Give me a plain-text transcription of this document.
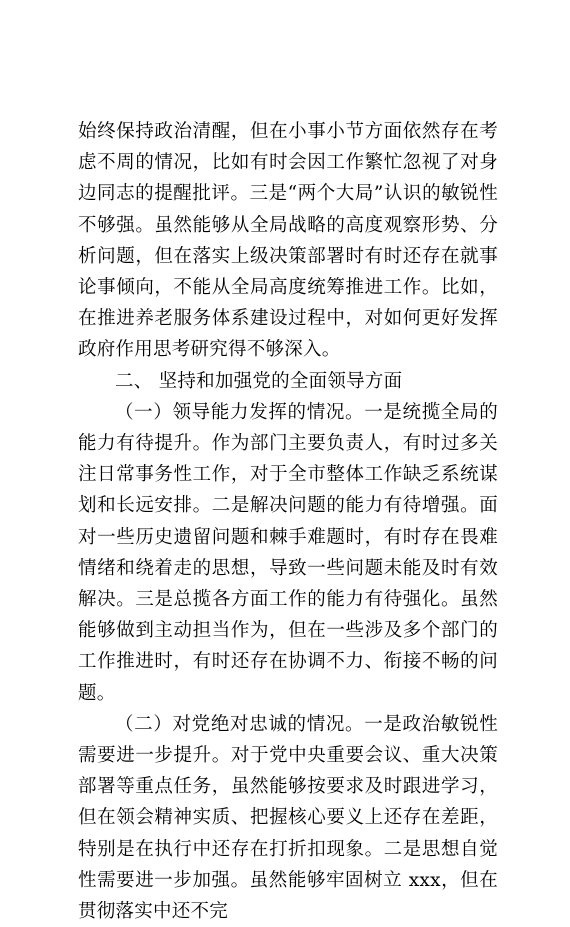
始终保持政治清醒，但在小事小节方面依然存在考虑不周的情况，比如有时会因工作繁忙忽视了对身边同志的提醒批评。三是“两个大局”认识的敏锐性不够强。虽然能够从全局战略的高度观察形势、分析问题，但在落实上级决策部署时有时还存在就事论事倾向，不能从全局高度统筹推进工作。比如，在推进养老服务体系建设过程中，对如何更好发挥政府作用思考研究得不够深入。

二、 坚持和加强党的全面领导方面

（一）领导能力发挥的情况。一是统揽全局的能力有待提升。作为部门主要负责人，有时过多关注日常事务性工作，对于全市整体工作缺乏系统谋划和长远安排。二是解决问题的能力有待增强。面对一些历史遗留问题和棘手难题时，有时存在畏难情绪和绕着走的思想，导致一些问题未能及时有效解决。三是总揽各方面工作的能力有待强化。虽然能够做到主动担当作为，但在一些涉及多个部门的工作推进时，有时还存在协调不力、衔接不畅的问题。

（二）对党绝对忠诚的情况。一是政治敏锐性需要进一步提升。对于党中央重要会议、重大决策部署等重点任务，虽然能够按要求及时跟进学习，但在领会精神实质、把握核心要义上还存在差距，特别是在执行中还存在打折扣现象。二是思想自觉性需要进一步加强。虽然能够牢固树立 xxx，但在贯彻落实中还不完
